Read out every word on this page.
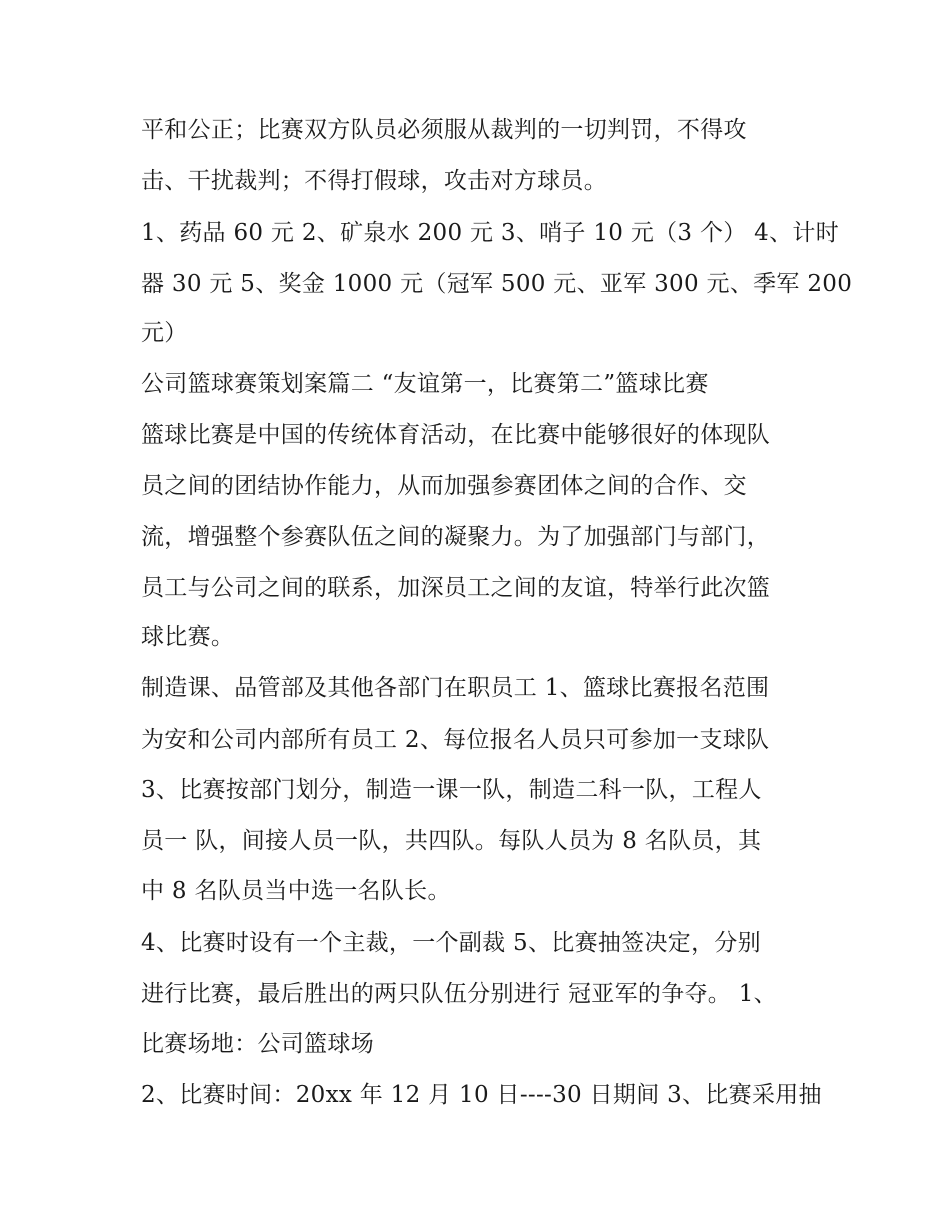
平和公正；比赛双方队员必须服从裁判的一切判罚，不得攻
击、干扰裁判；不得打假球，攻击对方球员。
1、药品 60 元 2、矿泉水 200 元 3、哨子 10 元（3 个） 4、计时
器 30 元 5、奖金 1000 元（冠军 500 元、亚军 300 元、季军 200
元）
公司篮球赛策划案篇二 “友谊第一，比赛第二”篮球比赛
篮球比赛是中国的传统体育活动，在比赛中能够很好的体现队
员之间的团结协作能力，从而加强参赛团体之间的合作、交
流，增强整个参赛队伍之间的凝聚力。为了加强部门与部门，
员工与公司之间的联系，加深员工之间的友谊，特举行此次篮
球比赛。
制造课、品管部及其他各部门在职员工 1、篮球比赛报名范围
为安和公司内部所有员工 2、每位报名人员只可参加一支球队
3、比赛按部门划分，制造一课一队，制造二科一队，工程人
员一 队，间接人员一队，共四队。每队人员为 8 名队员，其
中 8 名队员当中选一名队长。
4、比赛时设有一个主裁，一个副裁 5、比赛抽签决定，分别
进行比赛，最后胜出的两只队伍分别进行 冠亚军的争夺。 1、
比赛场地：公司篮球场
2、比赛时间：20xx 年 12 月 10 日----30 日期间 3、比赛采用抽
